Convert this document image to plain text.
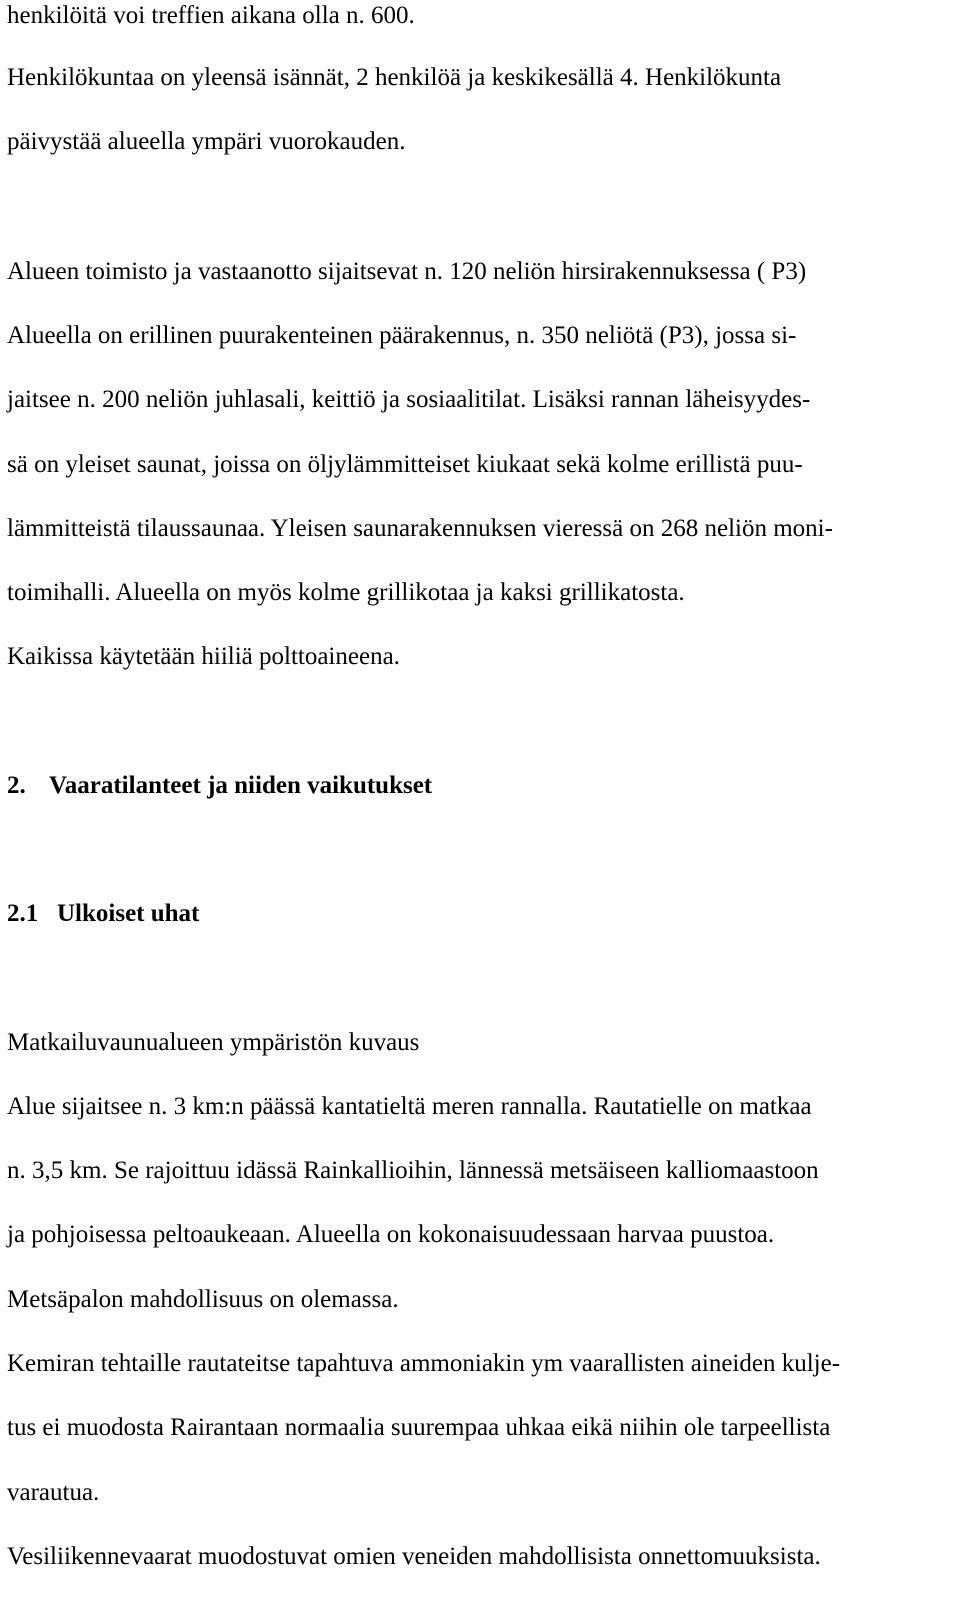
henkilöitä voi treffien aikana olla n. 600.
Henkilökuntaa on yleensä isännät, 2 henkilöä ja keskikesällä 4. Henkilökunta
päivystää alueella ympäri vuorokauden.
Alueen toimisto ja vastaanotto sijaitsevat n. 120 neliön hirsirakennuksessa ( P3)
Alueella on erillinen puurakenteinen päärakennus, n. 350 neliötä (P3), jossa si-
jaitsee n. 200 neliön juhlasali, keittiö ja sosiaalitilat. Lisäksi rannan läheisyydes-
sä on yleiset saunat, joissa on öljylämmitteiset kiukaat sekä kolme erillistä puu-
lämmitteistä tilaussaunaa. Yleisen saunarakennuksen vieressä on 268 neliön moni-
toimihalli. Alueella on myös kolme grillikotaa ja kaksi grillikatosta.
Kaikissa käytetään hiiliä polttoaineena.
2. Vaaratilanteet ja niiden vaikutukset
2.1 Ulkoiset uhat
Matkailuvaunualueen ympäristön kuvaus
Alue sijaitsee n. 3 km:n päässä kantatieltä meren rannalla. Rautatielle on matkaa
n. 3,5 km. Se rajoittuu idässä Rainkallioihin, lännessä metsäiseen kalliomaastoon
ja pohjoisessa peltoaukeaan. Alueella on kokonaisuudessaan harvaa puustoa.
Metsäpalon mahdollisuus on olemassa.
Kemiran tehtaille rautateitse tapahtuva ammoniakin ym vaarallisten aineiden kulje-
tus ei muodosta Rairantaan normaalia suurempaa uhkaa eikä niihin ole tarpeellista
varautua.
Vesiliikennevaarat muodostuvat omien veneiden mahdollisista onnettomuuksista.
